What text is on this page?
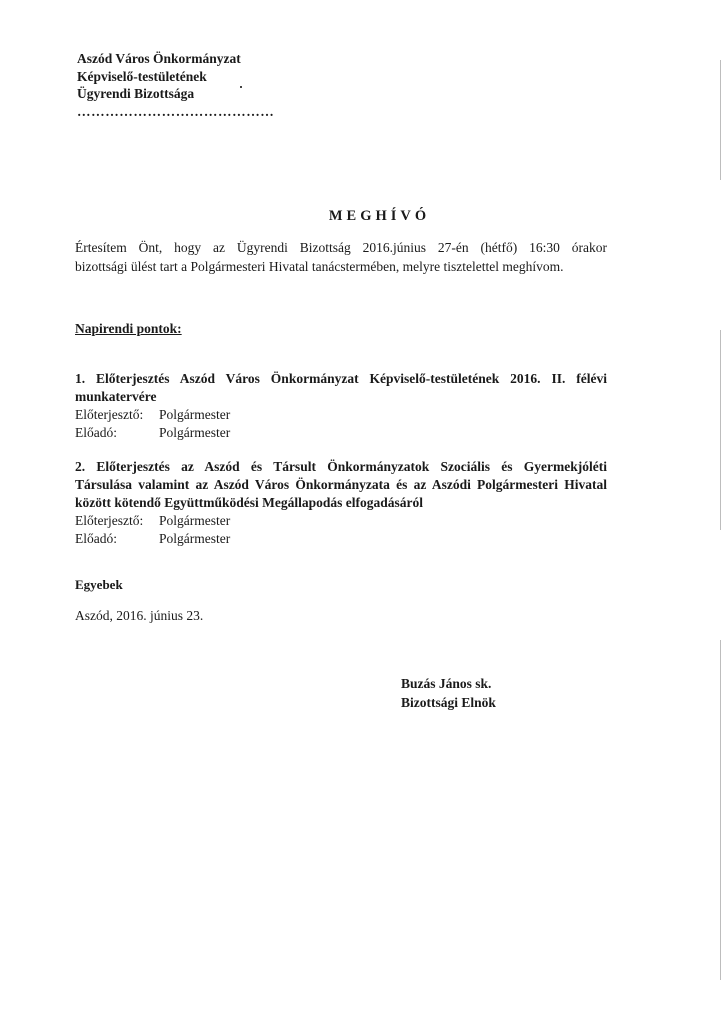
Aszód Város Önkormányzat
Képviselő-testületének
Ügyrendi Bizottsága
……………………………………
MEGHÍVÓ
Értesítem Önt, hogy az Ügyrendi Bizottság 2016.június 27-én (hétfő) 16:30 órakor
bizottsági ülést tart a Polgármesteri Hivatal tanácstermében, melyre tisztelettel meghívom.
Napirendi pontok:
1. Előterjesztés Aszód Város Önkormányzat Képviselő-testületének 2016. II. félévi
munkatervére
Előterjesztő: Polgármester
Előadó:	Polgármester
2. Előterjesztés az Aszód és Társult Önkormányzatok Szociális és Gyermekjóléti
Társulása valamint az Aszód Város Önkormányzata és az Aszódi Polgármesteri Hivatal
között kötendő Együttműködési Megállapodás elfogadásáról
Előterjesztő: Polgármester
Előadó:	Polgármester
Egyebek
Aszód, 2016. június 23.
Buzás János sk.
Bizottsági Elnök
